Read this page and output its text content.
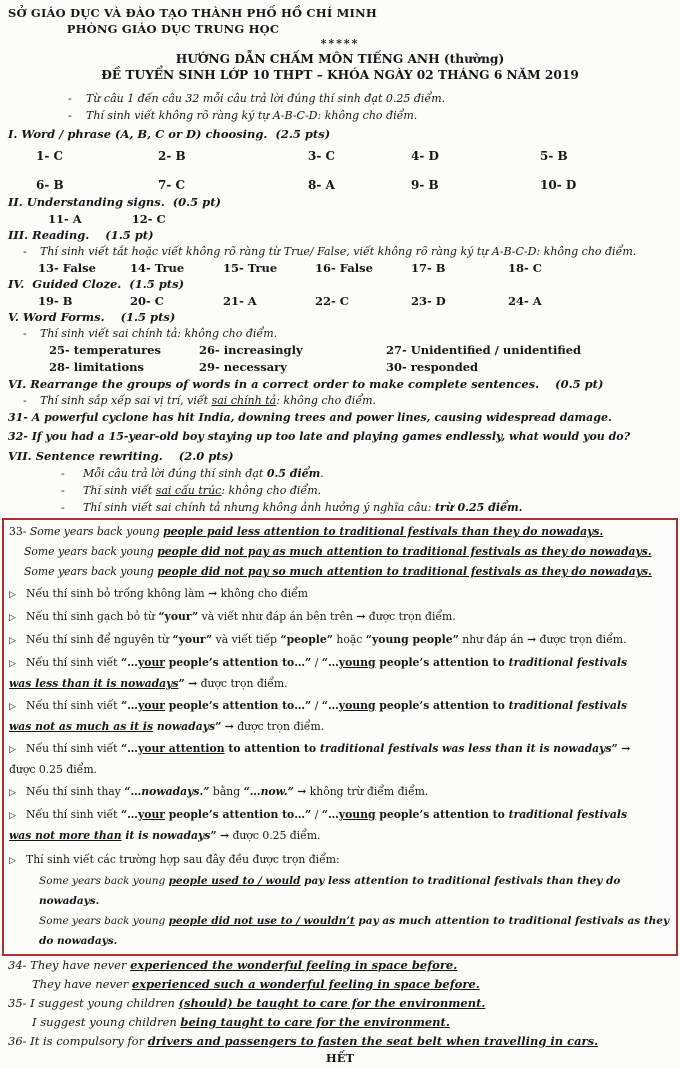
SỞ GIÁO DỤC VÀ ĐÀO TẠO THÀNH PHỐ HỒ CHÍ MINH

PHÒNG GIÁO DỤC TRUNG HỌC

*****

HƯỚNG DẪN CHẤM MÔN TIẾNG ANH (thường)

ĐỀ TUYỂN SINH LỚP 10 THPT – KHÓA NGÀY 02 THÁNG 6 NĂM 2019

- Từ câu 1 đến câu 32 mỗi câu trả lời đúng thí sinh đạt 0.25 điểm.

- Thí sinh viết không rõ ràng ký tự A-B-C-D: không cho điểm.

I. Word / phrase (A, B, C or D) choosing.  (2.5 pts)

1- C	2- B	3- C	4- D	5- B

6- B	7- C	8- A	9- B	10- D

II. Understanding signs.  (0.5 pt)

11- A	12- C

III. Reading.    (1.5 pt)

- Thí sinh viết tắt hoặc viết không rõ ràng từ True/ False, viết không rõ ràng ký tự A-B-C-D: không cho điểm.

13- False	14- True	15- True	16- False	17- B	18- C

IV.  Guided Cloze.  (1.5 pts)

19- B	20- C	21- A	22- C	23- D	24- A

V. Word Forms.    (1.5 pts)

- Thí sinh viết sai chính tả: không cho điểm.

25- temperatures	26- increasingly	27- Unidentified / unidentified

28- limitations	29- necessary	30- responded

VI. Rearrange the groups of words in a correct order to make complete sentences.    (0.5 pt)

- Thí sinh sắp xếp sai vị trí, viết sai chính tả: không cho điểm.

31- A powerful cyclone has hit India, downing trees and power lines, causing widespread damage.

32- If you had a 15-year-old boy staying up too late and playing games endlessly, what would you do?

VII. Sentence rewriting.    (2.0 pts)

- Mỗi câu trả lời đúng thí sinh đạt 0.5 điểm.

- Thí sinh viết sai cấu trúc: không cho điểm.

- Thí sinh viết sai chính tả nhưng không ảnh hưởng ý nghĩa câu: trừ 0.25 điểm.

33- Some years back young people paid less attention to traditional festivals than they do nowadays.

Some years back young people did not pay as much attention to traditional festivals as they do nowadays.

Some years back young people did not pay so much attention to traditional festivals as they do nowadays.

▷ Nếu thí sinh bỏ trống không làm → không cho điểm

▷ Nếu thí sinh gạch bỏ từ “your” và viết như đáp án bên trên → được trọn điểm.

▷ Nếu thí sinh để nguyên từ “your” và viết tiếp “people” hoặc “young people” như đáp án → được trọn điểm.

▷ Nếu thí sinh viết “…your people’s attention to…” / “…young people’s attention to traditional festivals
was less than it is nowadays” → được trọn điểm.

▷ Nếu thí sinh viết “…your people’s attention to…” / “…young people’s attention to traditional festivals
was not as much as it is nowadays” → được trọn điểm.

▷ Nếu thí sinh viết “…your attention to attention to traditional festivals was less than it is nowadays” →
được 0.25 điểm.

▷ Nếu thí sinh thay “…nowadays.” bằng “…now.” → không trừ điểm điểm.

▷ Nếu thí sinh viết “…your people’s attention to…” / “…young people’s attention to traditional festivals
was not more than it is nowadays” → được 0.25 điểm.

▷ Thí sinh viết các trường hợp sau đây đều được trọn điểm:

Some years back young people used to / would pay less attention to traditional festivals than they do
nowadays.

Some years back young people did not use to / wouldn’t pay as much attention to traditional festivals as they
do nowadays.

34- They have never experienced the wonderful feeling in space before.

They have never experienced such a wonderful feeling in space before.

35- I suggest young children (should) be taught to care for the environment.

I suggest young children being taught to care for the environment.

36- It is compulsory for drivers and passengers to fasten the seat belt when travelling in cars.

HẾT
